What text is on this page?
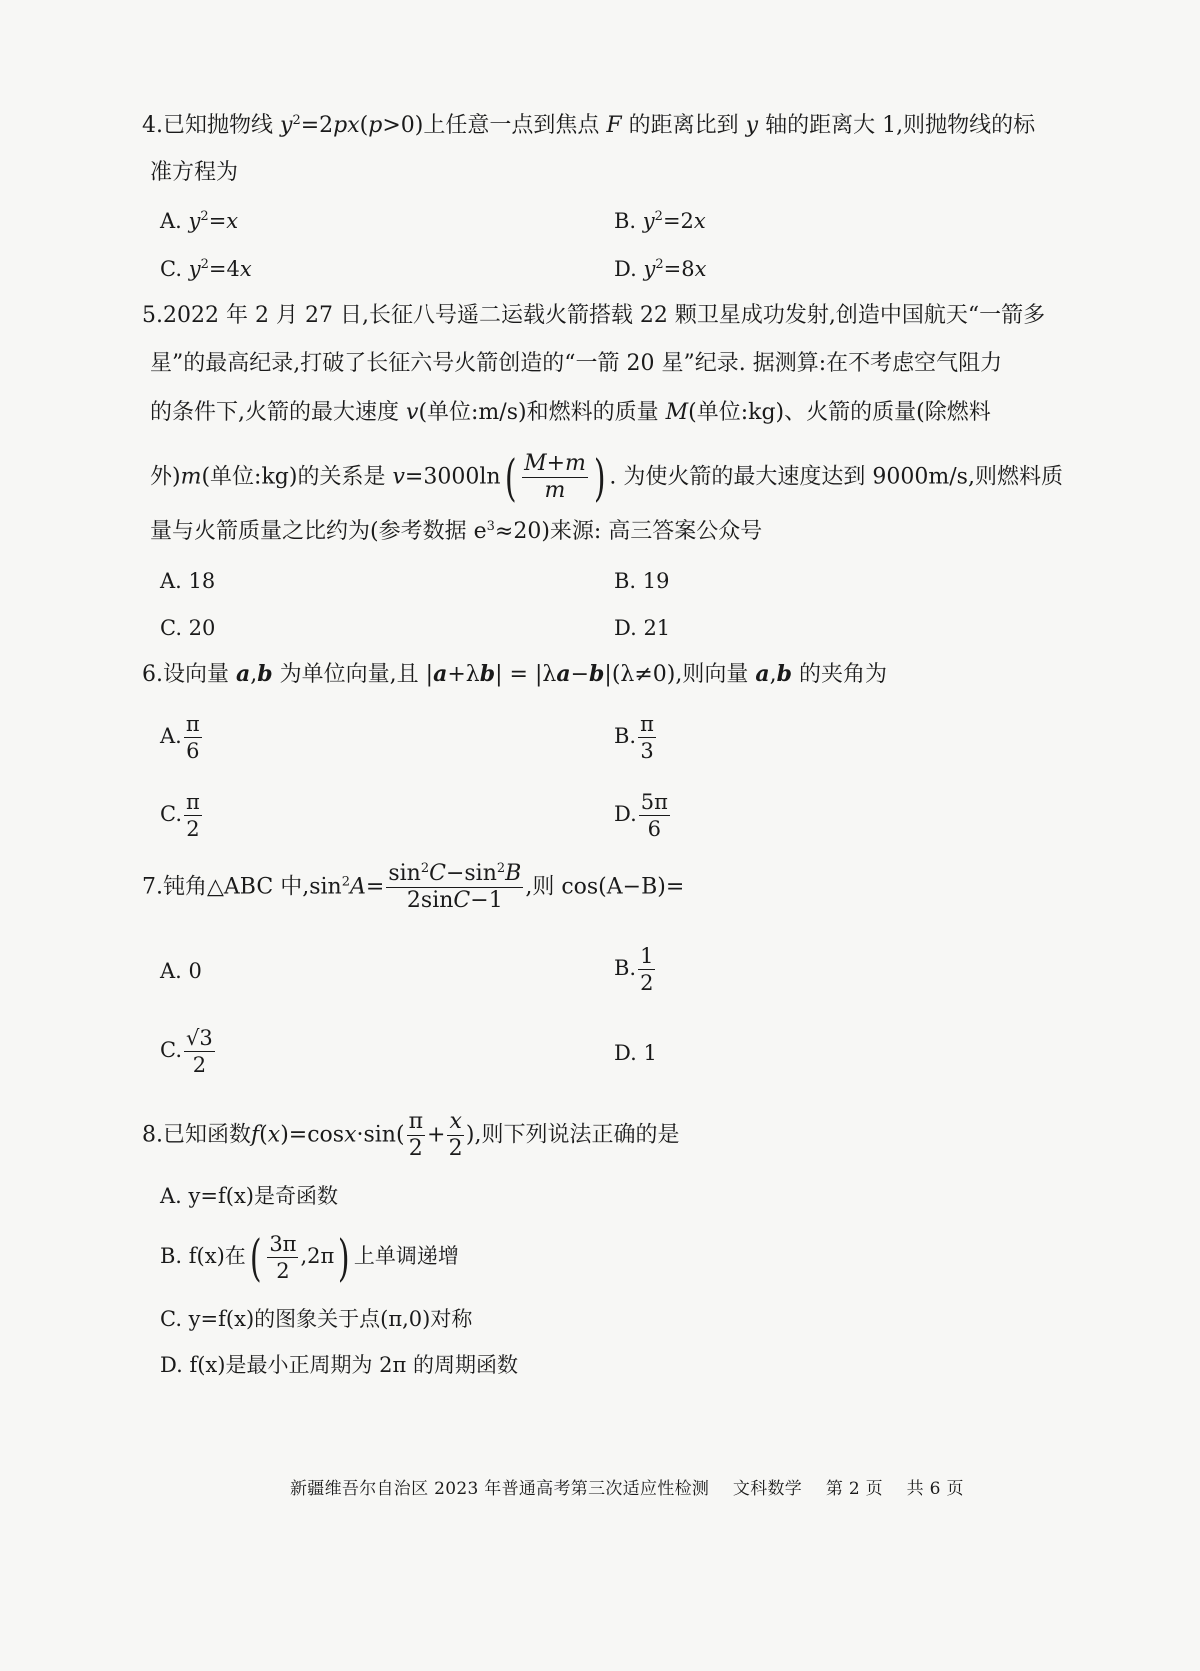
4.已知抛物线 $y^2=2px(p>0)$上任意一点到焦点 F 的距离比到 y 轴的距离大 1,则抛物线的标
准方程为
A. $y^2=x$	B. $y^2=2x$
C. $y^2=4x$	D. $y^2=8x$
5.2022 年 2 月 27 日,长征八号遥二运载火箭搭载 22 颗卫星成功发射,创造中国航天“一箭多
星”的最高纪录,打破了长征六号火箭创造的“一箭 20 星”纪录. 据测算:在不考虑空气阻力
的条件下,火箭的最大速度 v(单位:m/s)和燃料的质量 M(单位:kg)、火箭的质量(除燃料
外)m(单位:kg)的关系是 $v=3000\ln( \frac{M+m}{m}$ ) . 为使火箭的最大速度达到 9000m/s,则燃料质
量与火箭质量之比约为(参考数据 $e^3\approx 20$)来源: 高三答案公众号
A. 18	B. 19
C. 20	D. 21
6.设向量 a,b 为单位向量,且 |a+λb| = |λa−b|(λ≠0),则向量 a,b 的夹角为
A. $\frac{\pi}{6}$	B. $\frac{\pi}{3}$
C. $\frac{\pi}{2}$	D. $\frac{5\pi}{6}$
7.钝角△ABC 中$,\sin^2A= \frac{\sin^2C-\sin^2B}{2\sin C-1}$ ,则 cos(A−B)=
A. 0	B. $\frac{1}{2}$
C. $\frac{√3}{2}$	D. 1
8.已知函数$f(x)=\cos x\cdot\sin( \frac{\pi}{2} + \frac{x}{2}$ ),则下列说法正确的是
A. y=f(x)是奇函数
B. f(x)在( $\frac{3\pi}{2} ,2\pi$) 上单调递增
C. y=f(x)的图象关于点(π,0)对称
D. f(x)是最小正周期为 2π 的周期函数
新疆维吾尔自治区 2023 年普通高考第三次适应性检测 文科数学 第 2 页 共 6 页
